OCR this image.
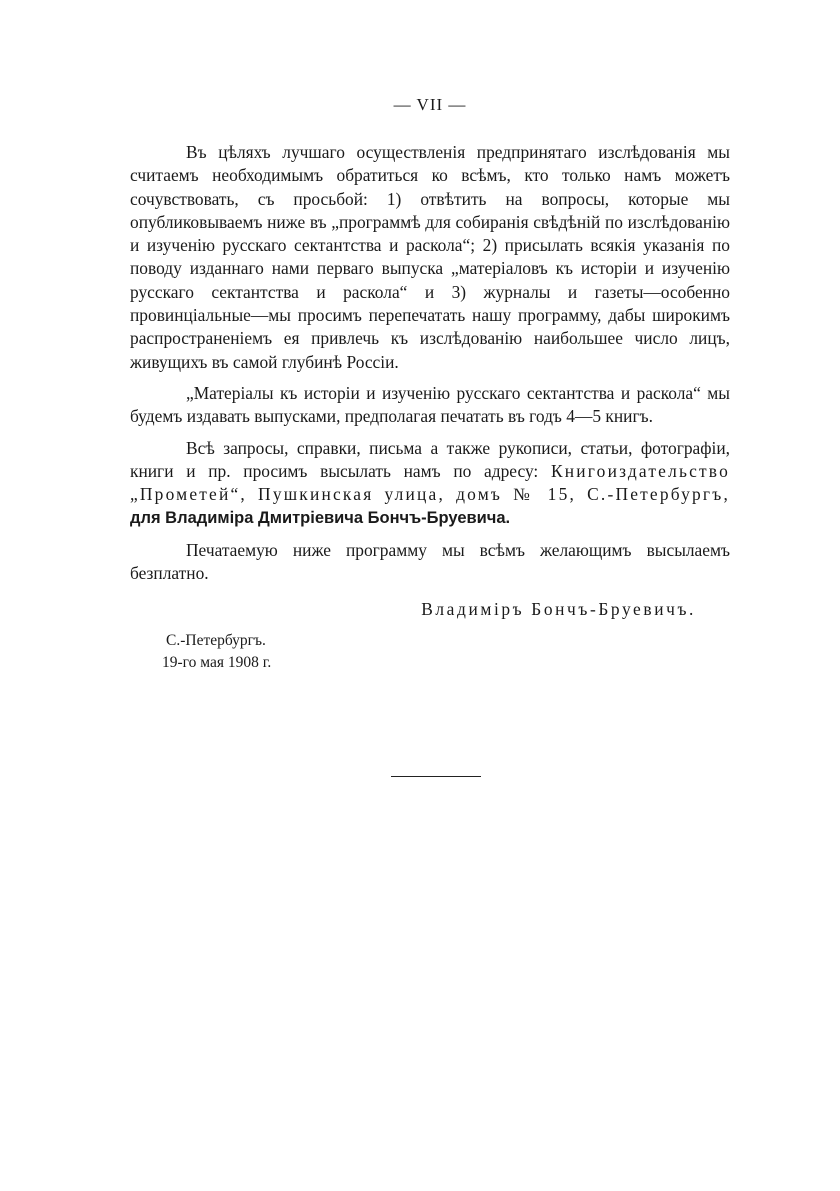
— VII —

Въ цѣляхъ лучшаго осуществленія предпринятаго изслѣдованія мы считаемъ необходимымъ обратиться ко всѣмъ, кто только намъ можетъ сочувствовать, съ просьбой: 1) отвѣтить на вопросы, которые мы опубликовываемъ ниже въ „программѣ для собиранія свѣдѣній по изслѣдованію и изученію русскаго сектантства и раскола“; 2) присылать всякія указанія по поводу изданнаго нами перваго выпуска „матеріаловъ къ исторіи и изученію русскаго сектантства и раскола“ и 3) журналы и газеты—особенно провинціальные—мы просимъ перепечатать нашу программу, дабы широкимъ распространеніемъ ея привлечь къ изслѣдованію наибольшее число лицъ, живущихъ въ самой глубинѣ Россіи.

„Матеріалы къ исторіи и изученію русскаго сектантства и раскола“ мы будемъ издавать выпусками, предполагая печатать въ годъ 4—5 книгъ.

Всѣ запросы, справки, письма а также рукописи, статьи, фотографіи, книги и пр. просимъ высылать намъ по адресу: Книгоиздательство „Прометей“, Пушкинская улица, домъ № 15, С.-Петербургъ, для Владиміра Дмитріевича Бончъ-Бруевича.

Печатаемую ниже программу мы всѣмъ желающимъ высылаемъ безплатно.

Владиміръ Бончъ-Бруевичъ.
С.-Петербургъ.
19-го мая 1908 г.
